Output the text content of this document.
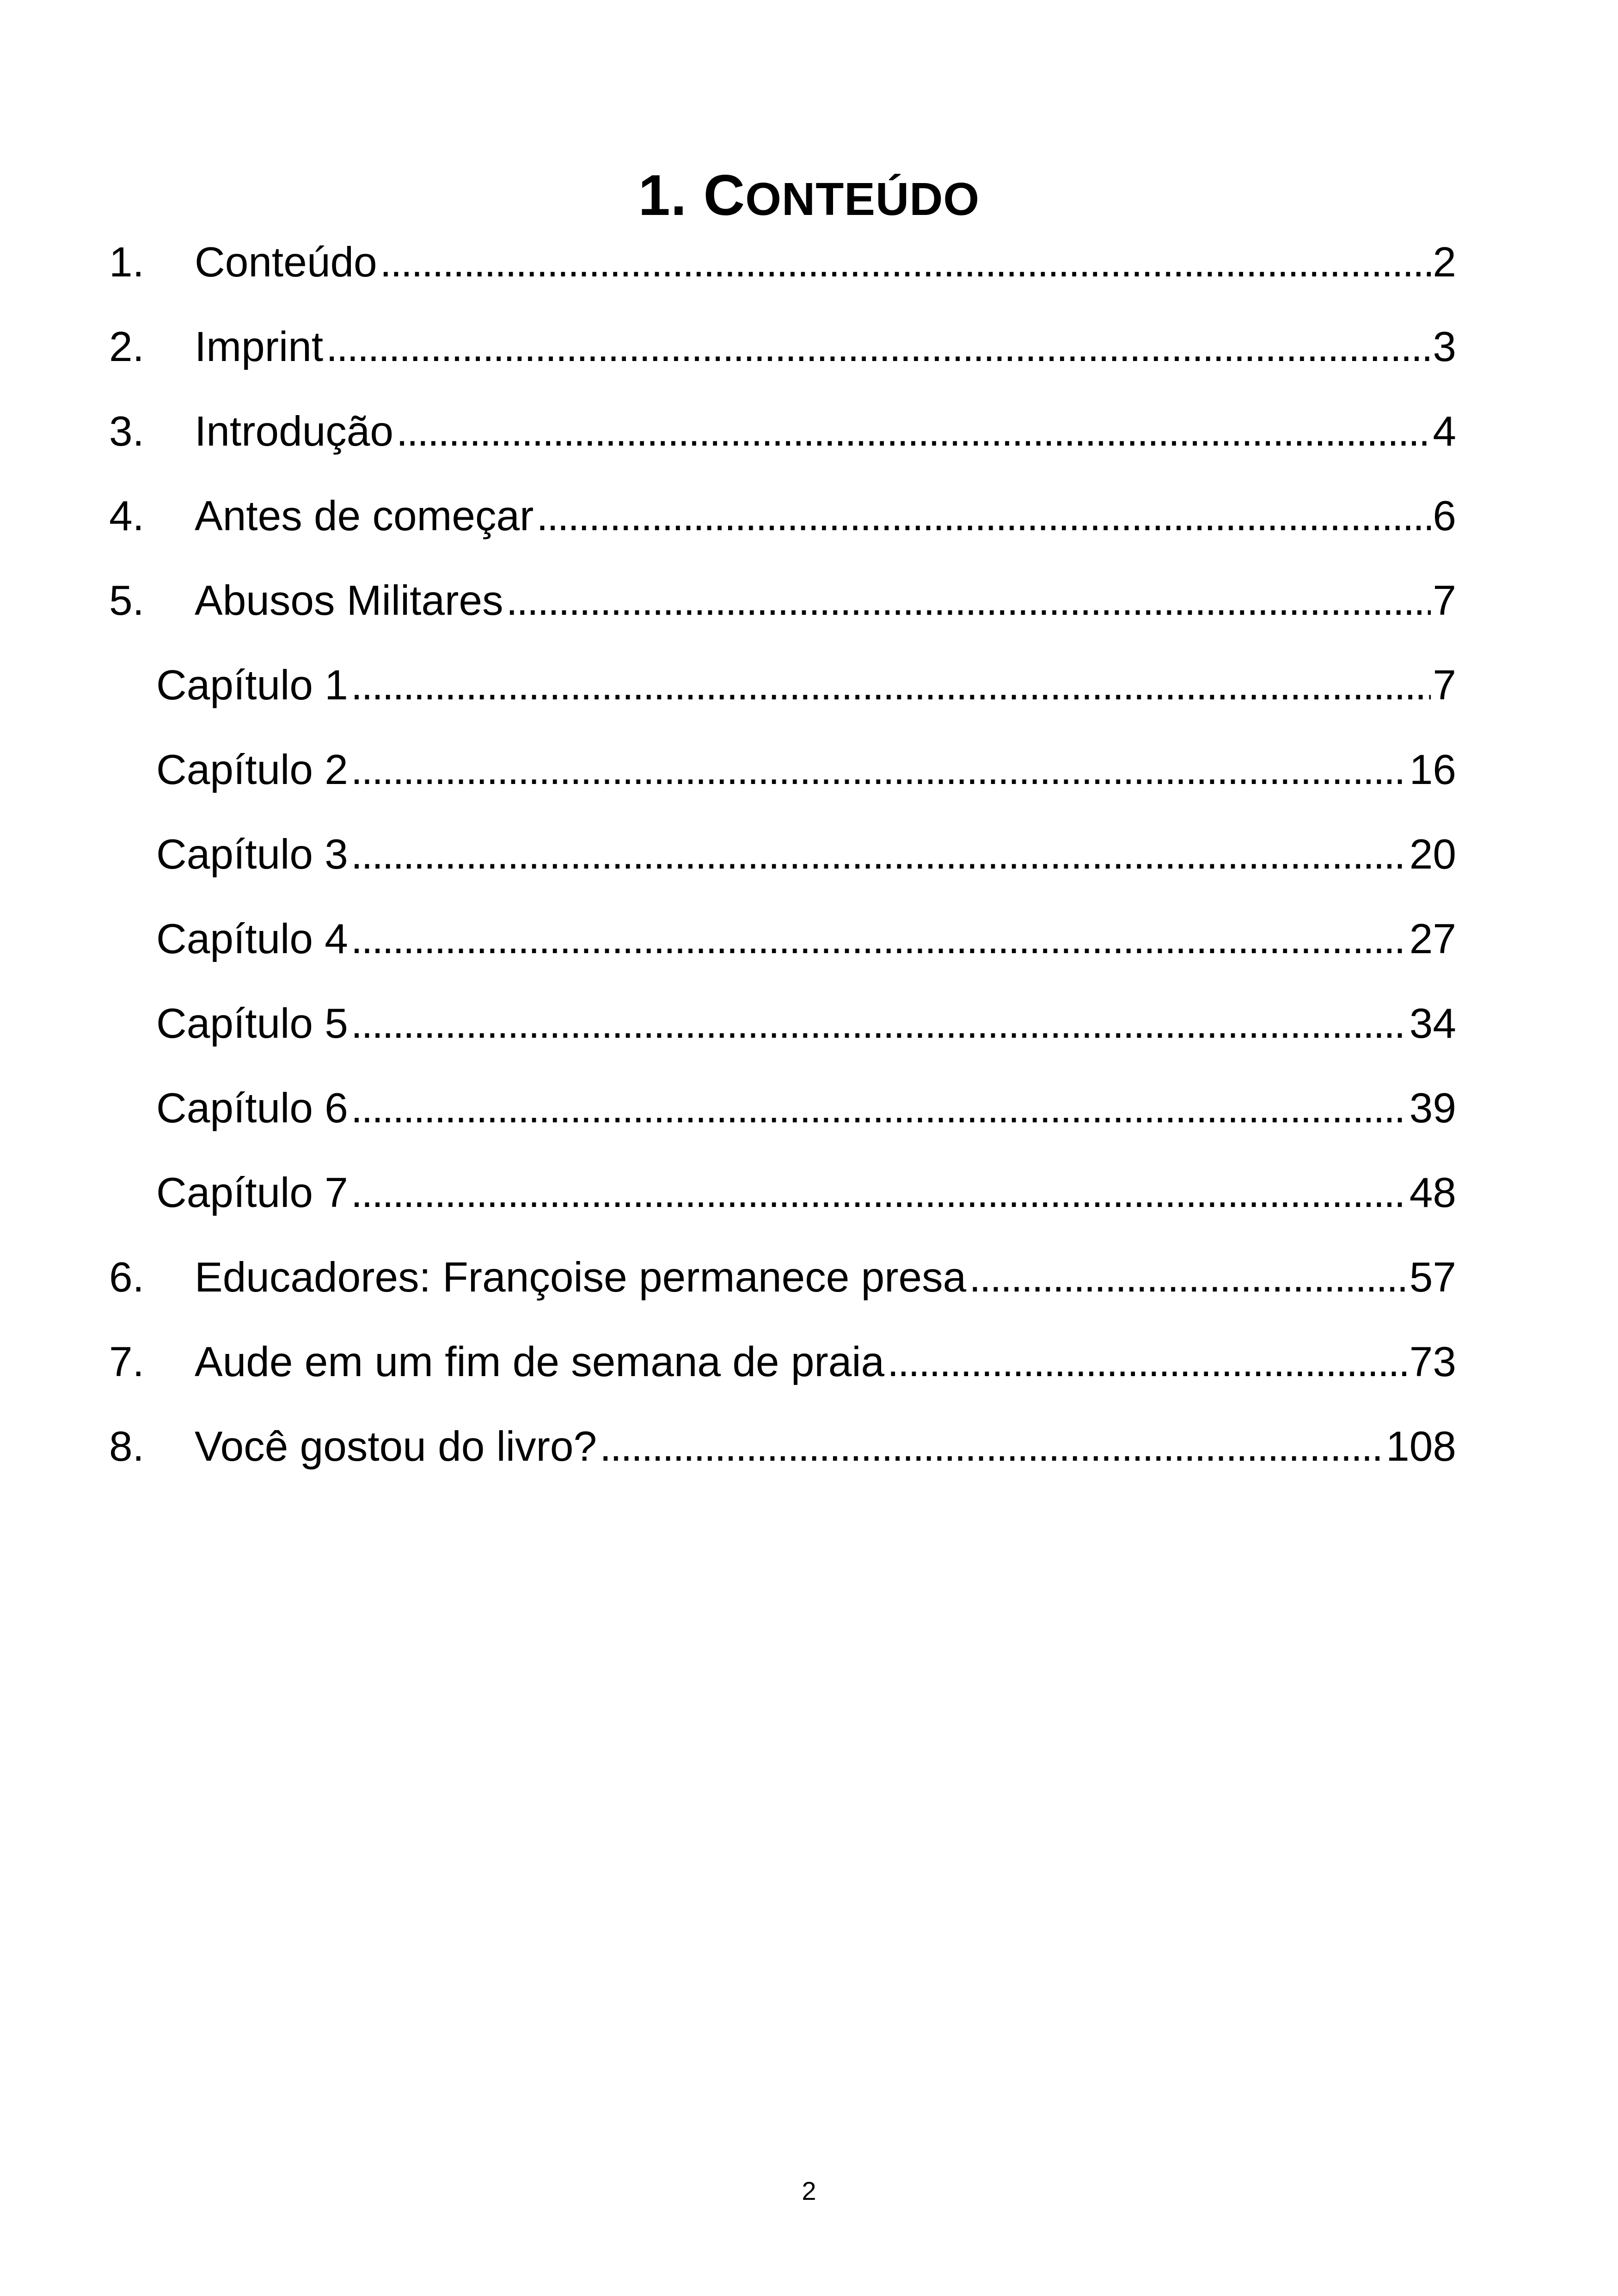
1. CONTEÚDO
1.	Conteúdo . . .	2
2.	Imprint . . .	3
3.	Introdução . . .	4
4.	Antes de começar . . .	6
5.	Abusos Militares . . .	7
Capítulo 1 . . .	7
Capítulo 2 . . .	16
Capítulo 3 . . .	20
Capítulo 4 . . .	27
Capítulo 5 . . .	34
Capítulo 6 . . .	39
Capítulo 7 . . .	48
6.	Educadores: Françoise permanece presa . . .	57
7.	Aude em um fim de semana de praia . . .	73
8.	Você gostou do livro? . . .	108
2
